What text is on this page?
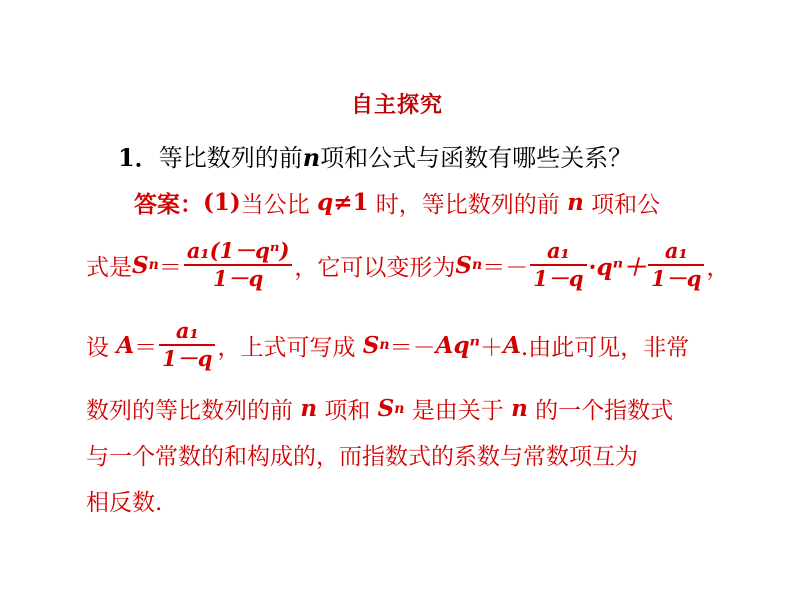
自主探究
1．等比数列的前n项和公式与函数有哪些关系？
答案： (1) 当公比
q ≠1
时，等比数列的前
n
项和公
式是 S $n = \frac{\text{a₁(1－qⁿ)}}{1-q}$ ，它可以变形为 S $n =- \frac{\text{a₁}}{1-q} \cdot q^n+ \frac{\text{a₁}}{1-q}$ ，
设
$A = \frac{\text{a₁}}{1-q}$ ，上式可写成
S n ＝－ Aqⁿ ＋ A .由此可见，非常
数列的等比数列的前
n
项和
S n
是由关于
n
的一个指数式
与一个常数的和构成的，而指数式的系数与常数项互为
相反数.
